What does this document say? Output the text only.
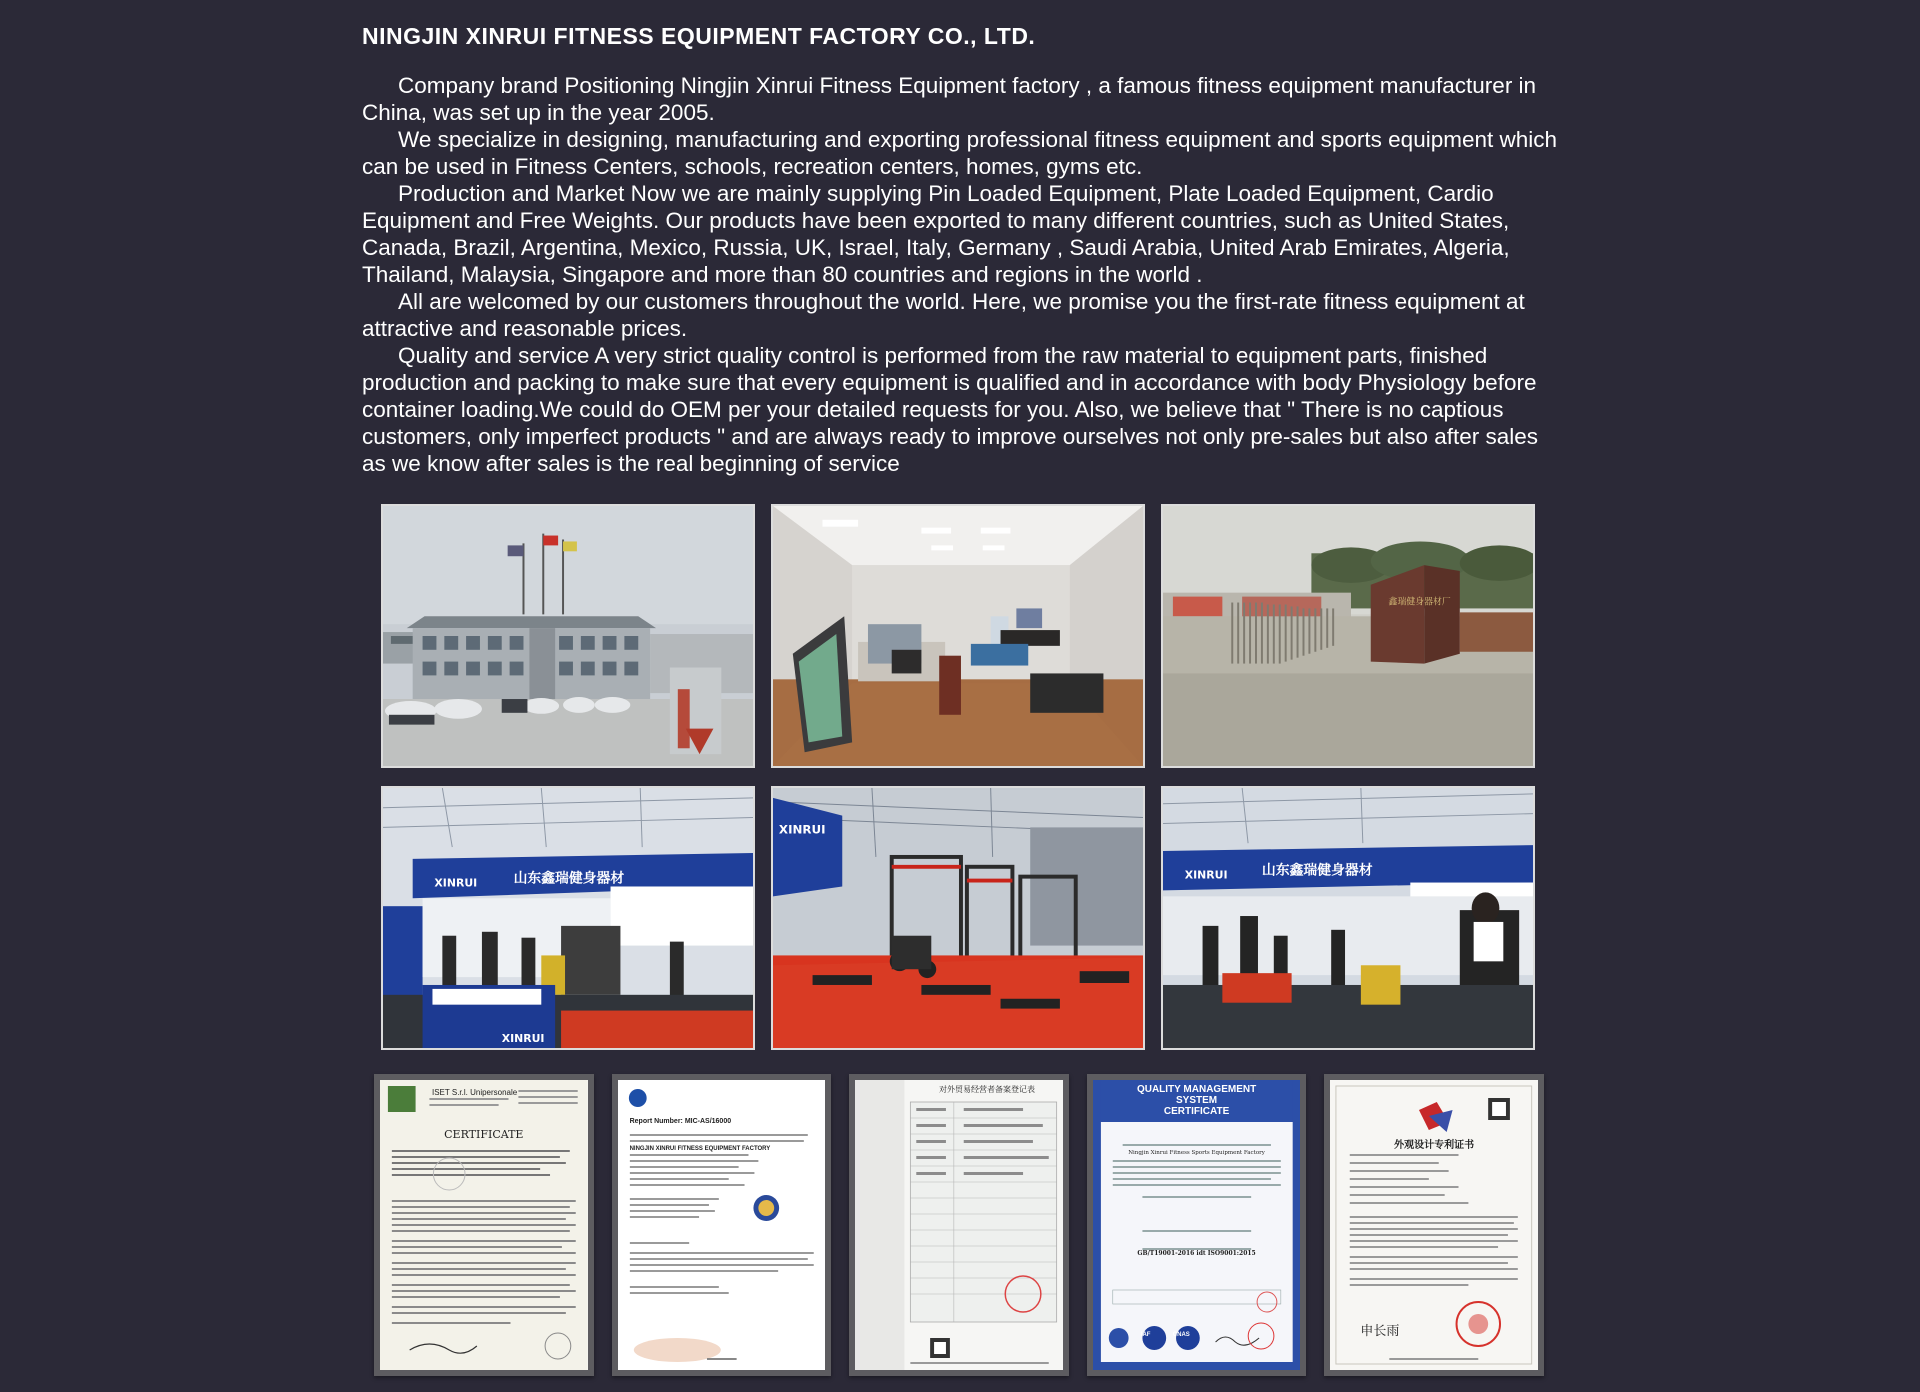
NINGJIN XINRUI FITNESS EQUIPMENT FACTORY CO., LTD.

Company brand Positioning Ningjin Xinrui Fitness Equipment factory , a famous fitness equipment manufacturer in China, was set up in the year 2005.

We specialize in designing, manufacturing and exporting professional fitness equipment and sports equipment which can be used in Fitness Centers, schools, recreation centers, homes, gyms etc.

Production and Market Now we are mainly supplying Pin Loaded Equipment, Plate Loaded Equipment, Cardio Equipment and Free Weights. Our products have been exported to many different countries, such as United States, Canada, Brazil, Argentina, Mexico, Russia, UK, Israel, Italy, Germany , Saudi Arabia, United Arab Emirates, Algeria, Thailand, Malaysia, Singapore and more than 80 countries and regions in the world .

All are welcomed by our customers throughout the world. Here, we promise you the first-rate fitness equipment at attractive and reasonable prices.

Quality and service A very strict quality control is performed from the raw material to equipment parts, finished production and packing to make sure that every equipment is qualified and in accordance with body Physiology before container loading.We could do OEM per your detailed requests for you. Also, we believe that " There is no captious customers, only imperfect products " and are always ready to improve ourselves not only pre-sales but also after sales as we know after sales is the real beginning of service

鑫瑞健身器材厂
XINRUI	山东鑫瑞健身器材
XINRUI
XINRUI
XINRUI 山东鑫瑞健身器材
ISET S.r.l. Unipersonale
CERTIFICATE
Report Number: MIC-AS/16000
NINGJIN XINRUI FITNESS EQUIPMENT FACTORY
对外贸易经营者备案登记表	QUALITY MANAGEMENT
SYSTEM
CERTIFICATE
Ningjin Xinrui Fitness Sports Equipment Factory
GB/T19001-2016 idt ISO9001:2015
IAF	CNAS
外观设计专利证书
申长雨
